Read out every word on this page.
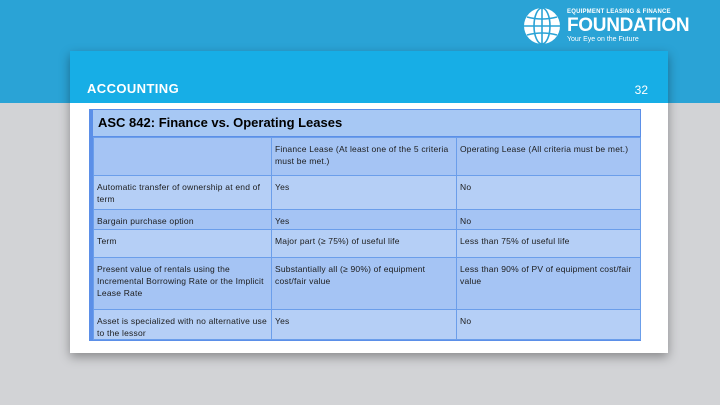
EQUIPMENT LEASING & FINANCE
FOUNDATION
Your Eye on the Future
ACCOUNTING	32
ASC 842: Finance vs. Operating Leases
	Finance Lease (At least one of the 5 criteria must be met.)	Operating Lease (All criteria must be met.)
Automatic transfer of ownership at end of term	Yes	No
Bargain purchase option	Yes	No
Term	Major part (≥ 75%) of useful life	Less than 75% of useful life
Present value of rentals using the Incremental Borrowing Rate or the Implicit Lease Rate	Substantially all (≥ 90%) of equipment cost/fair value	Less than 90% of PV of equipment cost/fair value
Asset is specialized with no alternative use to the lessor	Yes	No
